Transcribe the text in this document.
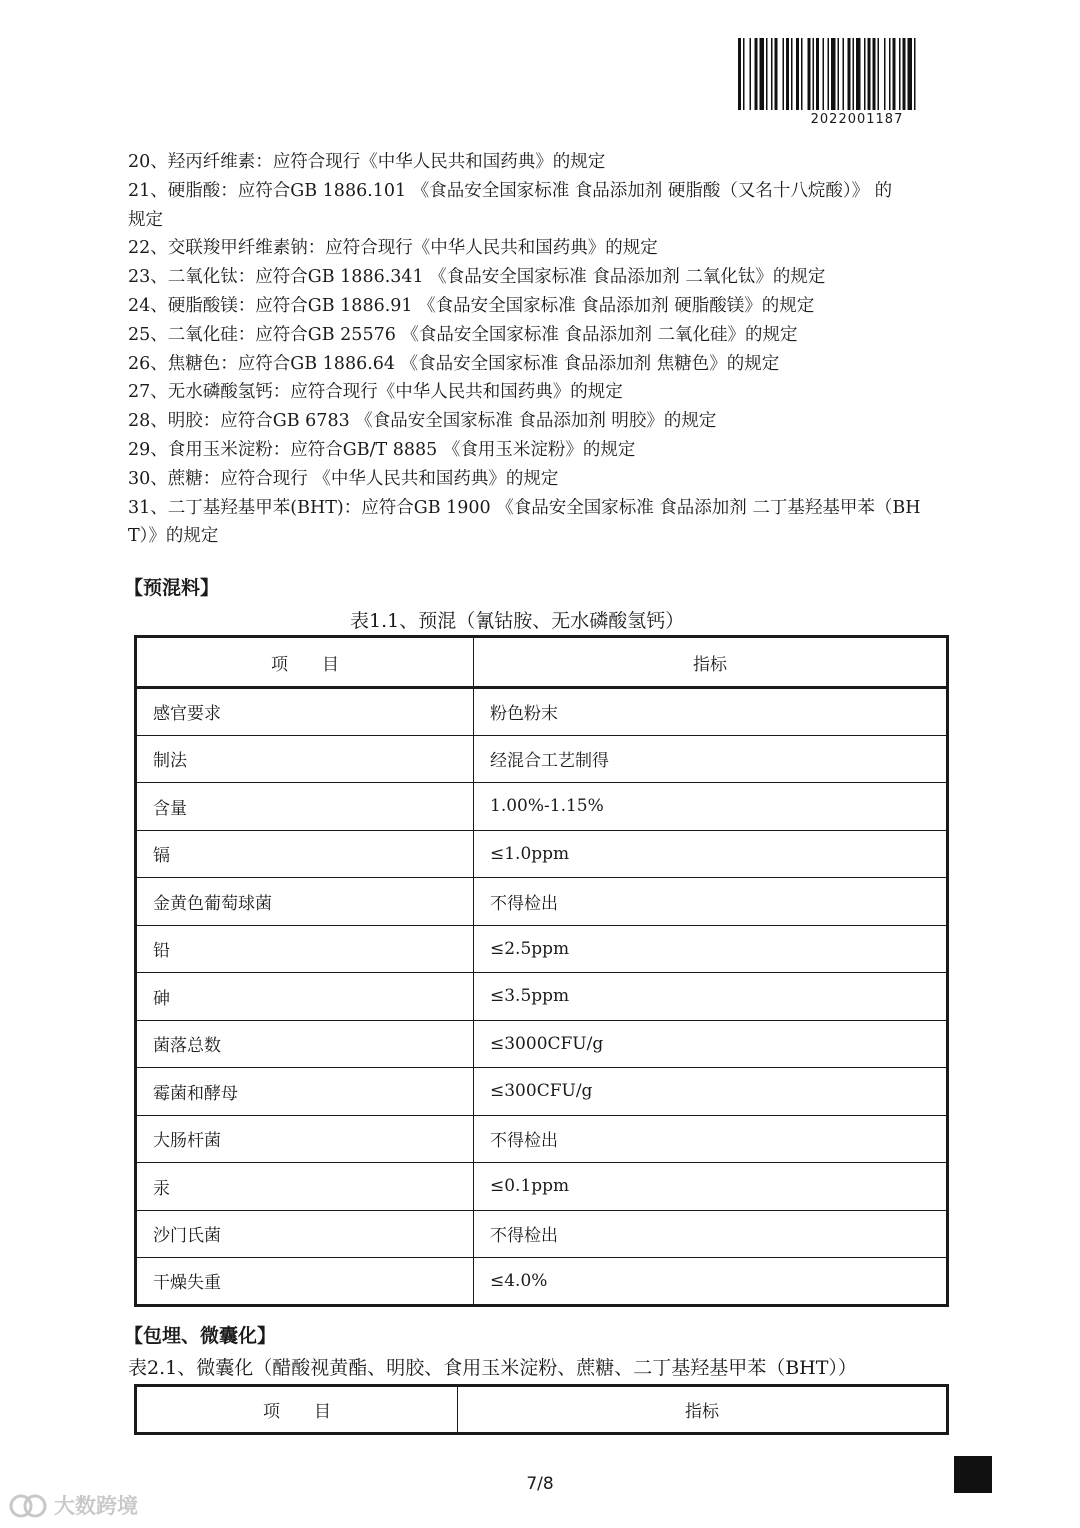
2022001187
20、羟丙纤维素：应符合现行《中华人民共和国药典》的规定
21、硬脂酸：应符合GB 1886.101 《食品安全国家标准 食品添加剂 硬脂酸（又名十八烷酸）》 的
规定
22、交联羧甲纤维素钠：应符合现行《中华人民共和国药典》的规定
23、二氧化钛：应符合GB 1886.341 《食品安全国家标准 食品添加剂 二氧化钛》的规定
24、硬脂酸镁：应符合GB 1886.91 《食品安全国家标准 食品添加剂 硬脂酸镁》的规定
25、二氧化硅：应符合GB 25576 《食品安全国家标准 食品添加剂 二氧化硅》的规定
26、焦糖色：应符合GB 1886.64 《食品安全国家标准 食品添加剂 焦糖色》的规定
27、无水磷酸氢钙：应符合现行《中华人民共和国药典》的规定
28、明胶：应符合GB 6783 《食品安全国家标准 食品添加剂 明胶》的规定
29、食用玉米淀粉：应符合GB/T 8885 《食用玉米淀粉》的规定
30、蔗糖：应符合现行 《中华人民共和国药典》的规定
31、二丁基羟基甲苯(BHT)：应符合GB 1900 《食品安全国家标准 食品添加剂 二丁基羟基甲苯（BH
T）》的规定
【预混料】
表1.1、预混（氰钴胺、无水磷酸氢钙）
项　　目	指标
感官要求	粉色粉末
制法	经混合工艺制得
含量	1.00%-1.15%
镉	≤1.0ppm
金黄色葡萄球菌	不得检出
铅	≤2.5ppm
砷	≤3.5ppm
菌落总数	≤3000CFU/g
霉菌和酵母	≤300CFU/g
大肠杆菌	不得检出
汞	≤0.1ppm
沙门氏菌	不得检出
干燥失重	≤4.0%
【包埋、微囊化】
表2.1、微囊化（醋酸视黄酯、明胶、食用玉米淀粉、蔗糖、二丁基羟基甲苯（BHT））
项　　目	指标
7/8
大数跨境
